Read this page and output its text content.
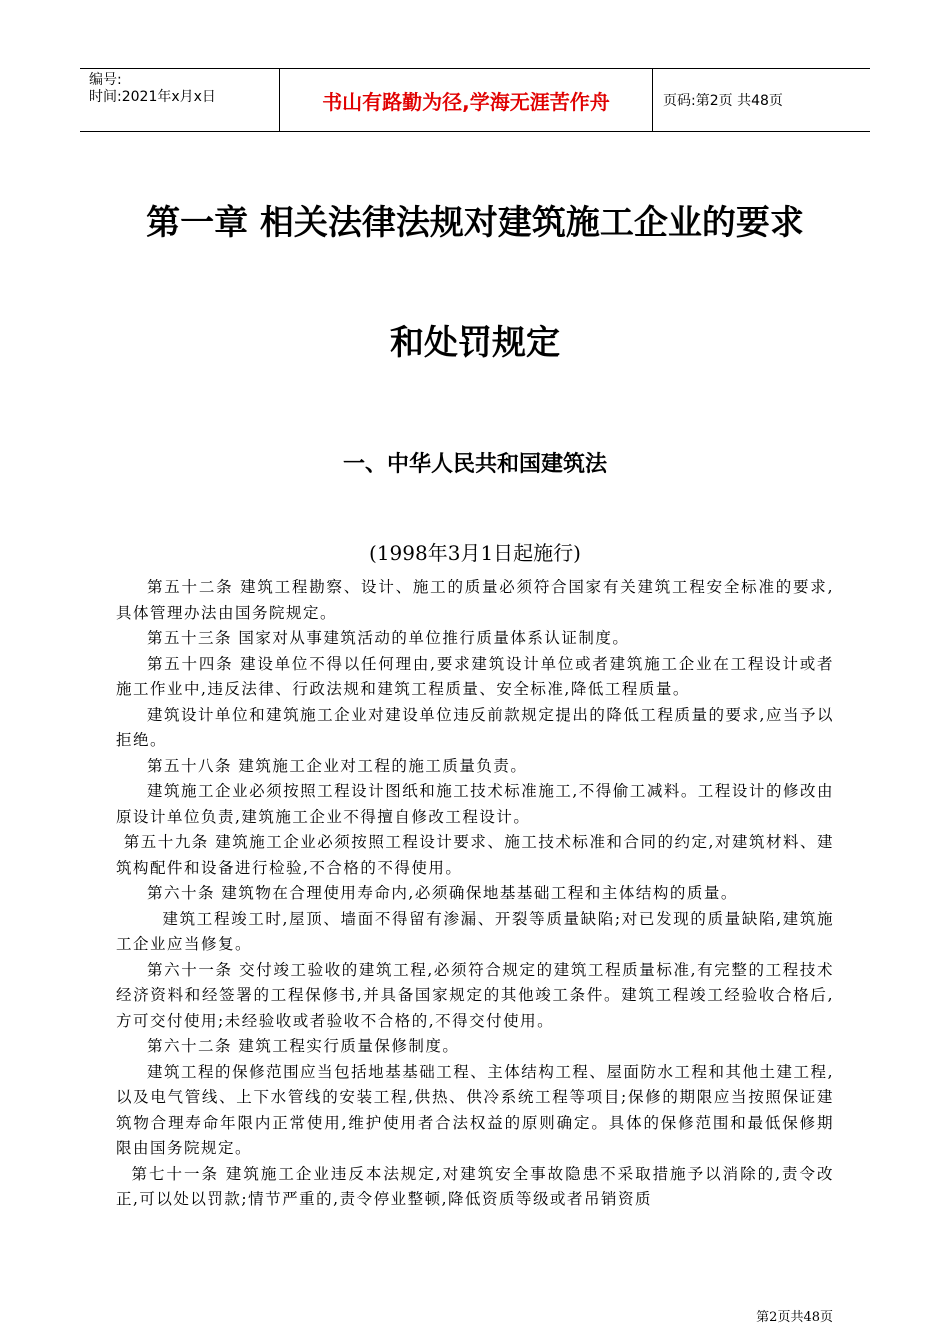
编号:
时间:2021年x月x日	书山有路勤为径,学海无涯苦作舟	页码:第2页 共48页
第一章 相关法律法规对建筑施工企业的要求
和处罚规定
一、中华人民共和国建筑法
(1998年3月1日起施行)

第五十二条 建筑工程勘察、设计、施工的质量必须符合国家有关建筑工程安全标准的要求,具体管理办法由国务院规定。

第五十三条 国家对从事建筑活动的单位推行质量体系认证制度。

第五十四条 建设单位不得以任何理由,要求建筑设计单位或者建筑施工企业在工程设计或者施工作业中,违反法律、行政法规和建筑工程质量、安全标准,降低工程质量。

建筑设计单位和建筑施工企业对建设单位违反前款规定提出的降低工程质量的要求,应当予以拒绝。

第五十八条 建筑施工企业对工程的施工质量负责。

建筑施工企业必须按照工程设计图纸和施工技术标准施工,不得偷工减料。工程设计的修改由原设计单位负责,建筑施工企业不得擅自修改工程设计。

第五十九条 建筑施工企业必须按照工程设计要求、施工技术标准和合同的约定,对建筑材料、建筑构配件和设备进行检验,不合格的不得使用。

第六十条 建筑物在合理使用寿命内,必须确保地基基础工程和主体结构的质量。

建筑工程竣工时,屋顶、墙面不得留有渗漏、开裂等质量缺陷;对已发现的质量缺陷,建筑施工企业应当修复。

第六十一条 交付竣工验收的建筑工程,必须符合规定的建筑工程质量标准,有完整的工程技术经济资料和经签署的工程保修书,并具备国家规定的其他竣工条件。建筑工程竣工经验收合格后,方可交付使用;未经验收或者验收不合格的,不得交付使用。

第六十二条 建筑工程实行质量保修制度。

建筑工程的保修范围应当包括地基基础工程、主体结构工程、屋面防水工程和其他土建工程,以及电气管线、上下水管线的安装工程,供热、供冷系统工程等项目;保修的期限应当按照保证建筑物合理寿命年限内正常使用,维护使用者合法权益的原则确定。具体的保修范围和最低保修期限由国务院规定。

第七十一条 建筑施工企业违反本法规定,对建筑安全事故隐患不采取措施予以消除的,责令改正,可以处以罚款;情节严重的,责令停业整顿,降低资质等级或者吊销资质

第2页共48页
